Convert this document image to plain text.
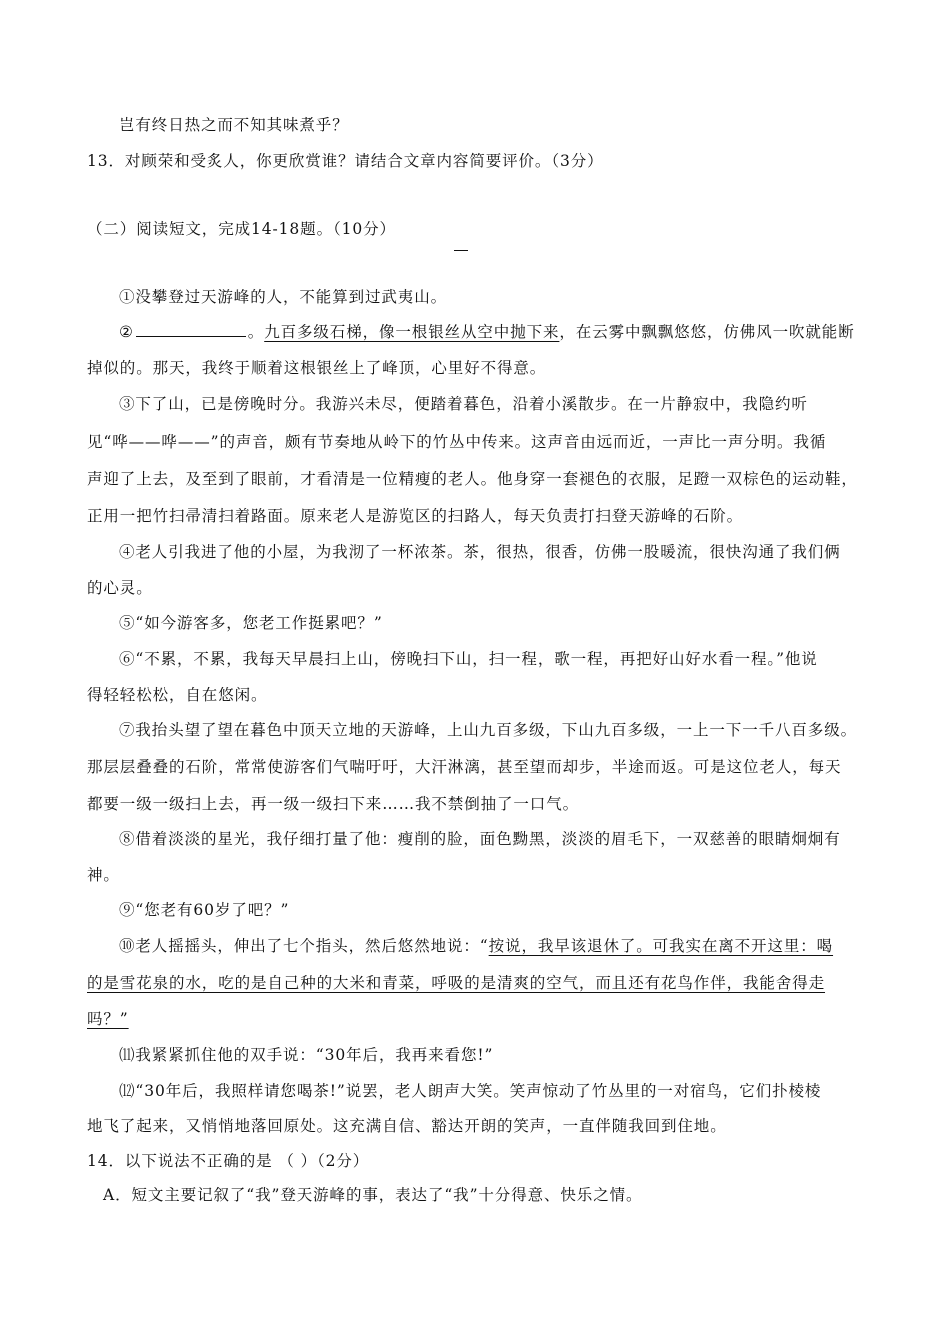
岂有终日热之而不知其味煮乎？
13．对顾荣和受炙人，你更欣赏谁？请结合文章内容简要评价。（3分）
（二）阅读短文，完成14-18题。（10分）
①没攀登过天游峰的人，不能算到过武夷山。
②	。九百多级石梯，像一根银丝从空中抛下来，在云雾中飘飘悠悠，仿佛风一吹就能断
掉似的。那天，我终于顺着这根银丝上了峰顶，心里好不得意。
③下了山，已是傍晚时分。我游兴未尽，便踏着暮色，沿着小溪散步。在一片静寂中，我隐约听
见“哗——哗——”的声音，颇有节奏地从岭下的竹丛中传来。这声音由远而近，一声比一声分明。我循
声迎了上去，及至到了眼前，才看清是一位精瘦的老人。他身穿一套褪色的衣服，足蹬一双棕色的运动鞋，
正用一把竹扫帚清扫着路面。原来老人是游览区的扫路人，每天负责打扫登天游峰的石阶。
④老人引我进了他的小屋，为我沏了一杯浓茶。茶，很热，很香，仿佛一股暖流，很快沟通了我们俩
的心灵。
⑤“如今游客多，您老工作挺累吧？”
⑥“不累，不累，我每天早晨扫上山，傍晚扫下山，扫一程，歌一程，再把好山好水看一程。”他说
得轻轻松松，自在悠闲。
⑦我抬头望了望在暮色中顶天立地的天游峰，上山九百多级，下山九百多级，一上一下一千八百多级。
那层层叠叠的石阶，常常使游客们气喘吁吁，大汗淋漓，甚至望而却步，半途而返。可是这位老人，每天
都要一级一级扫上去，再一级一级扫下来……我不禁倒抽了一口气。
⑧借着淡淡的星光，我仔细打量了他：瘦削的脸，面色黝黑，淡淡的眉毛下，一双慈善的眼睛炯炯有
神。
⑨“您老有60岁了吧？”
⑩老人摇摇头，伸出了七个指头，然后悠然地说：“按说，我早该退休了。可我实在离不开这里：喝
的是雪花泉的水，吃的是自己种的大米和青菜，呼吸的是清爽的空气，而且还有花鸟作伴，我能舍得走
吗？”
⑾我紧紧抓住他的双手说：“30年后，我再来看您!”
⑿“30年后，我照样请您喝茶!”说罢，老人朗声大笑。笑声惊动了竹丛里的一对宿鸟，它们扑棱棱
地飞了起来，又悄悄地落回原处。这充满自信、豁达开朗的笑声，一直伴随我回到住地。
14．以下说法不正确的是 （ ）（2分）
A．短文主要记叙了“我”登天游峰的事，表达了“我”十分得意、快乐之情。
